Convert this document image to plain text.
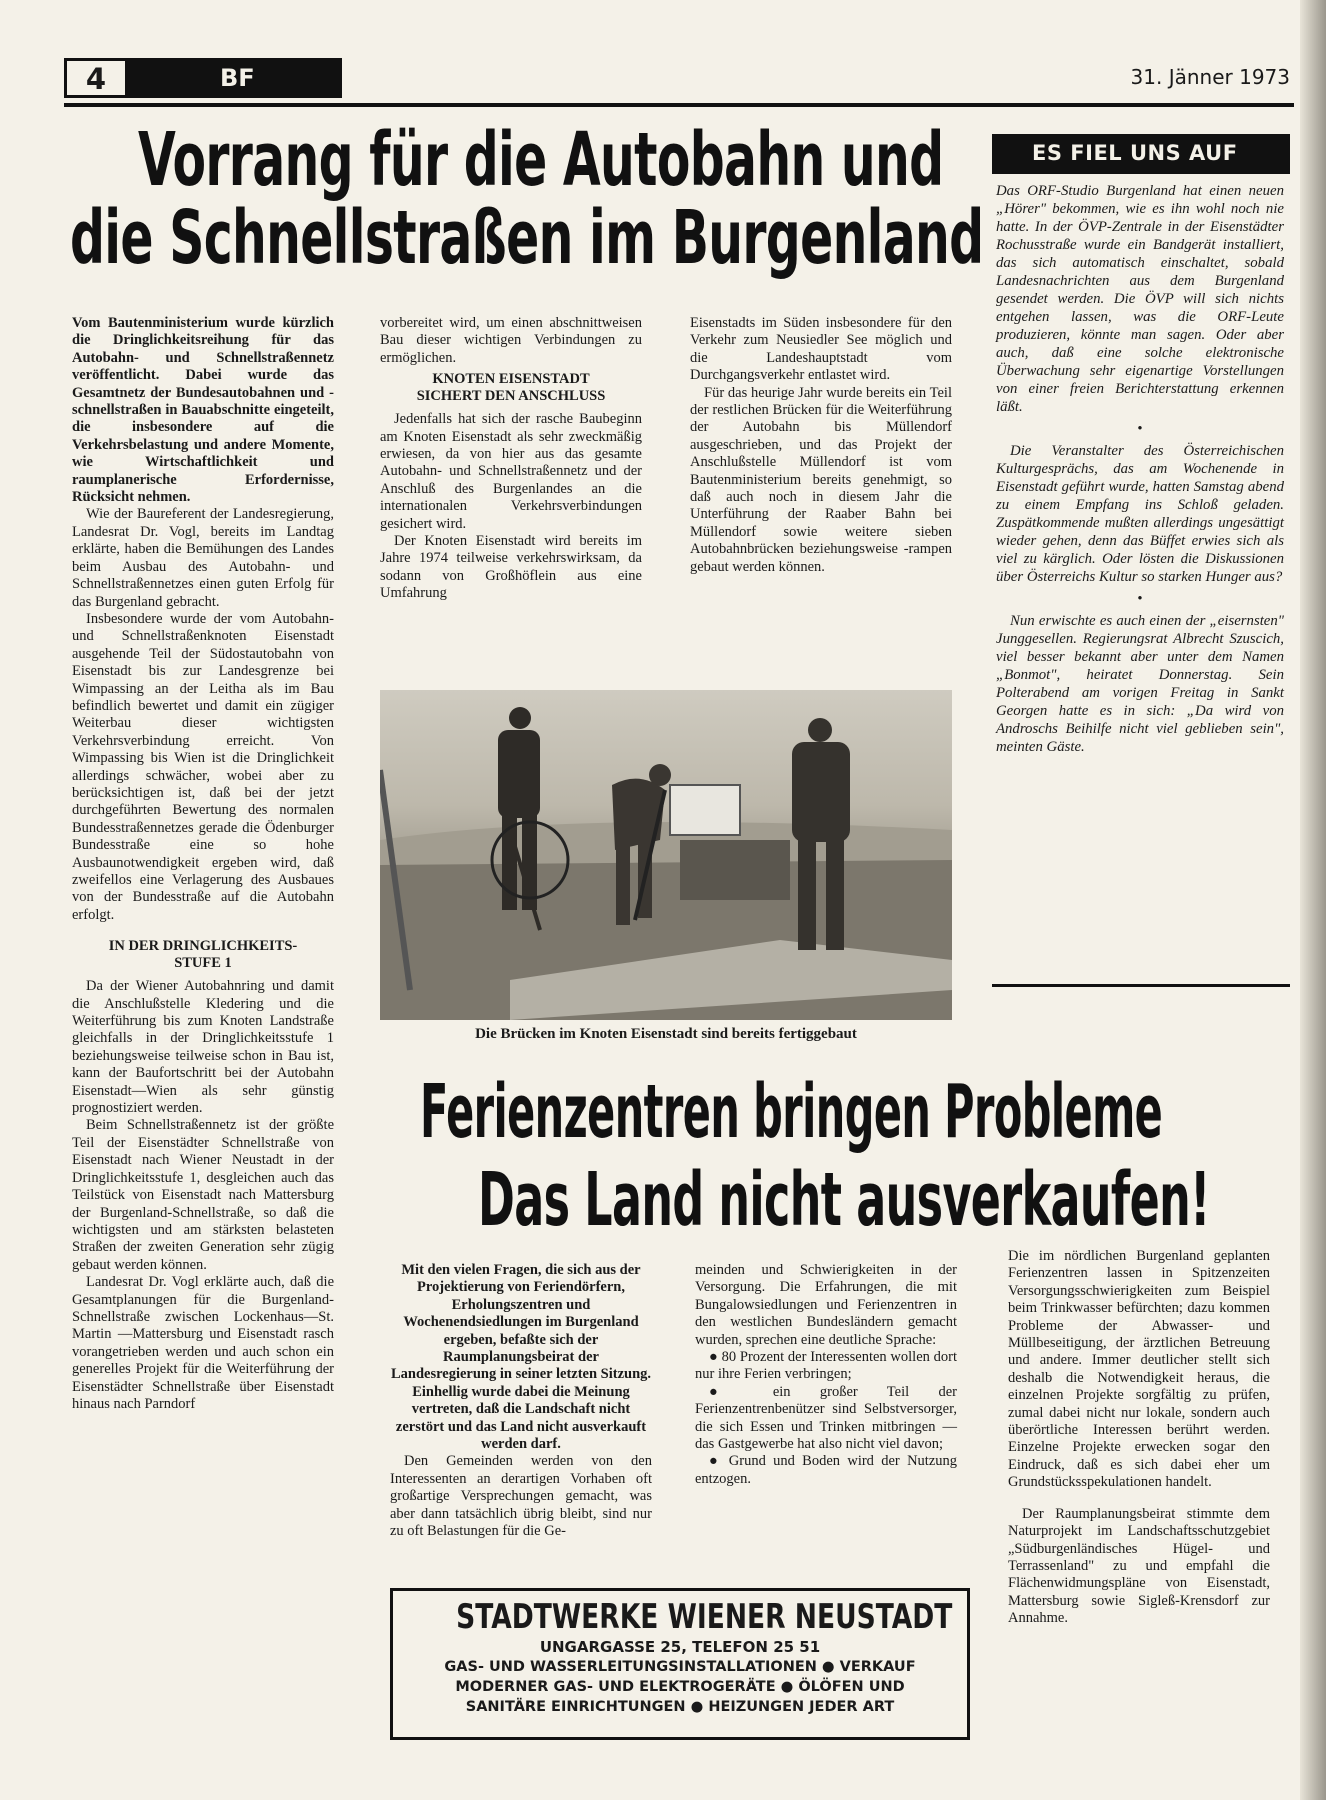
4	BF	31. Jänner 1973
Vorrang für die Autobahn und
die Schnellstraßen im Burgenland

Vom Bautenministerium wurde kürzlich die Dringlichkeitsreihung für das Autobahn- und Schnellstraßennetz veröffentlicht. Dabei wurde das Gesamtnetz der Bundesautobahnen und -schnellstraßen in Bauabschnitte eingeteilt, die insbesondere auf die Verkehrsbelastung und andere Momente, wie Wirtschaftlichkeit und raumplanerische Erfordernisse, Rücksicht nehmen.

Wie der Baureferent der Landesregierung, Landesrat Dr. Vogl, bereits im Landtag erklärte, haben die Bemühungen des Landes beim Ausbau des Autobahn- und Schnellstraßennetzes einen guten Erfolg für das Burgenland gebracht.

Insbesondere wurde der vom Autobahn- und Schnellstraßenknoten Eisenstadt ausgehende Teil der Südostautobahn von Eisenstadt bis zur Landesgrenze bei Wimpassing an der Leitha als im Bau befindlich bewertet und damit ein zügiger Weiterbau dieser wichtigsten Verkehrsverbindung erreicht. Von Wimpassing bis Wien ist die Dringlichkeit allerdings schwächer, wobei aber zu berücksichtigen ist, daß bei der jetzt durchgeführten Bewertung des normalen Bundesstraßennetzes gerade die Ödenburger Bundesstraße eine so hohe Ausbaunotwendigkeit ergeben wird, daß zweifellos eine Verlagerung des Ausbaues von der Bundesstraße auf die Autobahn erfolgt.

IN DER DRINGLICHKEITS-STUFE 1

Da der Wiener Autobahnring und damit die Anschlußstelle Kledering und die Weiterführung bis zum Knoten Landstraße gleichfalls in der Dringlichkeitsstufe 1 beziehungsweise teilweise schon in Bau ist, kann der Baufortschritt bei der Autobahn Eisenstadt—Wien als sehr günstig prognostiziert werden.

Beim Schnellstraßennetz ist der größte Teil der Eisenstädter Schnellstraße von Eisenstadt nach Wiener Neustadt in der Dringlichkeitsstufe 1, desgleichen auch das Teilstück von Eisenstadt nach Mattersburg der Burgenland-Schnellstraße, so daß die wichtigsten und am stärksten belasteten Straßen der zweiten Generation sehr zügig gebaut werden können.

Landesrat Dr. Vogl erklärte auch, daß die Gesamtplanungen für die Burgenland-Schnellstraße zwischen Lockenhaus—St. Martin —Mattersburg und Eisenstadt rasch vorangetrieben werden und auch schon ein generelles Projekt für die Weiterführung der Eisenstädter Schnellstraße über Eisenstadt hinaus nach Parndorf

vorbereitet wird, um einen abschnittweisen Bau dieser wichtigen Verbindungen zu ermöglichen.

KNOTEN EISENSTADT SICHERT DEN ANSCHLUSS

Jedenfalls hat sich der rasche Baubeginn am Knoten Eisenstadt als sehr zweckmäßig erwiesen, da von hier aus das gesamte Autobahn- und Schnellstraßennetz und der Anschluß des Burgenlandes an die internationalen Verkehrsverbindungen gesichert wird.

Der Knoten Eisenstadt wird bereits im Jahre 1974 teilweise verkehrswirksam, da sodann von Großhöflein aus eine Umfahrung

Eisenstadts im Süden insbesondere für den Verkehr zum Neusiedler See möglich und die Landeshauptstadt vom Durchgangsverkehr entlastet wird.

Für das heurige Jahr wurde bereits ein Teil der restlichen Brücken für die Weiterführung der Autobahn bis Müllendorf ausgeschrieben, und das Projekt der Anschlußstelle Müllendorf ist vom Bautenministerium bereits genehmigt, so daß auch noch in diesem Jahr die Unterführung der Raaber Bahn bei Müllendorf sowie weitere sieben Autobahnbrücken beziehungsweise -rampen gebaut werden können.

Die Brücken im Knoten Eisenstadt sind bereits fertiggebaut
ES FIEL UNS AUF

Das ORF-Studio Burgenland hat einen neuen „Hörer" bekommen, wie es ihn wohl noch nie hatte. In der ÖVP-Zentrale in der Eisenstädter Rochusstraße wurde ein Bandgerät installiert, das sich automatisch einschaltet, sobald Landesnachrichten aus dem Burgenland gesendet werden. Die ÖVP will sich nichts entgehen lassen, was die ORF-Leute produzieren, könnte man sagen. Oder aber auch, daß eine solche elektronische Überwachung sehr eigenartige Vorstellungen von einer freien Berichterstattung erkennen läßt.

•

Die Veranstalter des Österreichischen Kulturgesprächs, das am Wochenende in Eisenstadt geführt wurde, hatten Samstag abend zu einem Empfang ins Schloß geladen. Zuspätkommende mußten allerdings ungesättigt wieder gehen, denn das Büffet erwies sich als viel zu kärglich. Oder lösten die Diskussionen über Österreichs Kultur so starken Hunger aus?

•

Nun erwischte es auch einen der „eisernsten" Junggesellen. Regierungsrat Albrecht Szuscich, viel besser bekannt aber unter dem Namen „Bonmot", heiratet Donnerstag. Sein Polterabend am vorigen Freitag in Sankt Georgen hatte es in sich: „Da wird von Androschs Beihilfe nicht viel geblieben sein", meinten Gäste.

Ferienzentren bringen Probleme
Das Land nicht ausverkaufen!

Mit den vielen Fragen, die sich aus der Projektierung von Feriendörfern, Erholungszentren und Wochenendsiedlungen im Burgenland ergeben, befaßte sich der Raumplanungsbeirat der Landesregierung in seiner letzten Sitzung. Einhellig wurde dabei die Meinung vertreten, daß die Landschaft nicht zerstört und das Land nicht ausverkauft werden darf.

Den Gemeinden werden von den Interessenten an derartigen Vorhaben oft großartige Versprechungen gemacht, was aber dann tatsächlich übrig bleibt, sind nur zu oft Belastungen für die Ge-

meinden und Schwierigkeiten in der Versorgung. Die Erfahrungen, die mit Bungalowsiedlungen und Ferienzentren in den westlichen Bundesländern gemacht wurden, sprechen eine deutliche Sprache:

● 80 Prozent der Interessenten wollen dort nur ihre Ferien verbringen;

● ein großer Teil der Ferienzentrenbenützer sind Selbstversorger, die sich Essen und Trinken mitbringen — das Gastgewerbe hat also nicht viel davon;

● Grund und Boden wird der Nutzung entzogen.

Die im nördlichen Burgenland geplanten Ferienzentren lassen in Spitzenzeiten Versorgungsschwierigkeiten zum Beispiel beim Trinkwasser befürchten; dazu kommen Probleme der Abwasser- und Müllbeseitigung, der ärztlichen Betreuung und andere. Immer deutlicher stellt sich deshalb die Notwendigkeit heraus, die einzelnen Projekte sorgfältig zu prüfen, zumal dabei nicht nur lokale, sondern auch überörtliche Interessen berührt werden. Einzelne Projekte erwecken sogar den Eindruck, daß es sich dabei eher um Grundstücksspekulationen handelt.

Der Raumplanungsbeirat stimmte dem Naturprojekt im Landschaftsschutzgebiet „Südburgenländisches Hügel- und Terrassenland" zu und empfahl die Flächenwidmungspläne von Eisenstadt, Mattersburg sowie Sigleß-Krensdorf zur Annahme.

STADTWERKE WIENER NEUSTADT
UNGARGASSE 25, TELEFON 25 51
GAS- UND WASSERLEITUNGSINSTALLATIONEN ● VERKAUF
MODERNER GAS- UND ELEKTROGERÄTE ● ÖLÖFEN UND
SANITÄRE EINRICHTUNGEN ● HEIZUNGEN JEDER ART
